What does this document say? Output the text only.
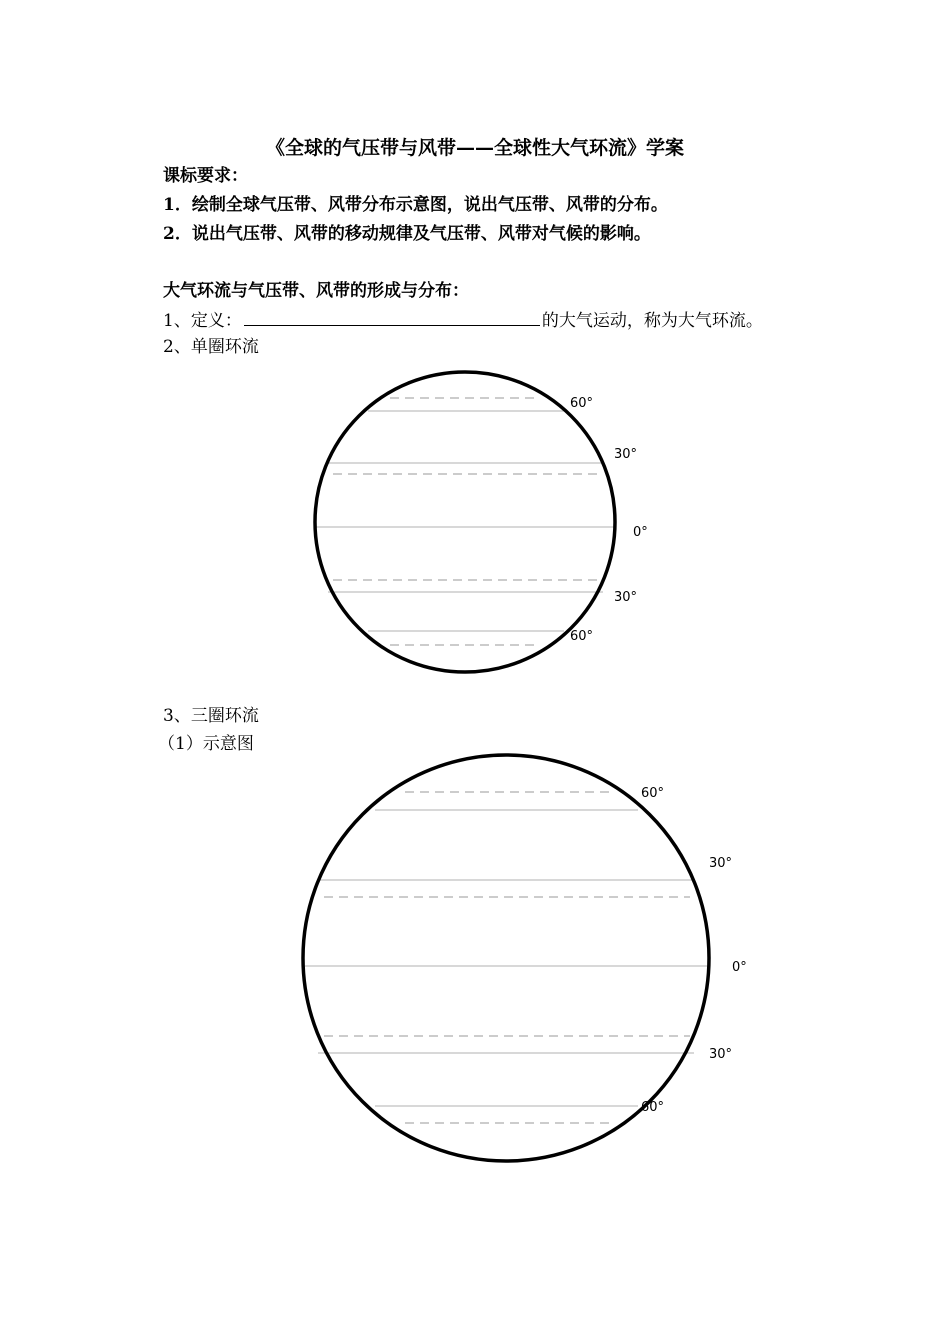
《全球的气压带与风带——全球性大气环流》学案
课标要求：
1．绘制全球气压带、风带分布示意图，说出气压带、风带的分布。
2．说出气压带、风带的移动规律及气压带、风带对气候的影响。
大气环流与气压带、风带的形成与分布：
1、定义：	的大气运动，称为大气环流。
2、单圈环流
60°
30°
0°
30°
60°
3、三圈环流
（1）示意图
60°
30°
0°
30°
60°
